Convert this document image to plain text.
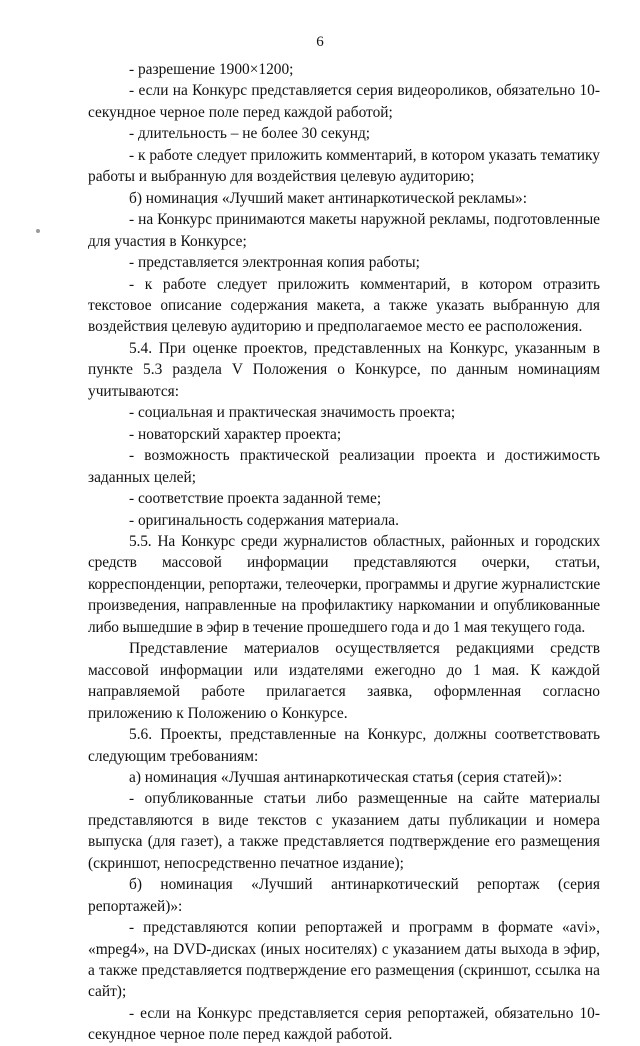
6

- разрешение 1900×1200;

- если на Конкурс представляется серия видеороликов, обязательно 10-секундное черное поле перед каждой работой;

- длительность – не более 30 секунд;

- к работе следует приложить комментарий, в котором указать тематику работы и выбранную для воздействия целевую аудиторию;

б) номинация «Лучший макет антинаркотической рекламы»:

- на Конкурс принимаются макеты наружной рекламы, подготовленные для участия в Конкурсе;

- представляется электронная копия работы;

- к работе следует приложить комментарий, в котором отразить текстовое описание содержания макета, а также указать выбранную для воздействия целевую аудиторию и предполагаемое место ее расположения.

5.4. При оценке проектов, представленных на Конкурс, указанным в пункте 5.3 раздела V Положения о Конкурсе, по данным номинациям учитываются:

- социальная и практическая значимость проекта;

- новаторский характер проекта;

- возможность практической реализации проекта и достижимость заданных целей;

- соответствие проекта заданной теме;

- оригинальность содержания материала.

5.5. На Конкурс среди журналистов областных, районных и городских средств массовой информации представляются очерки, статьи, корреспонденции, репортажи, телеочерки, программы и другие журналистские произведения, направленные на профилактику наркомании и опубликованные либо вышедшие в эфир в течение прошедшего года и до 1 мая текущего года.

Представление материалов осуществляется редакциями средств массовой информации или издателями ежегодно до 1 мая. К каждой направляемой работе прилагается заявка, оформленная согласно приложению к Положению о Конкурсе.

5.6. Проекты, представленные на Конкурс, должны соответствовать следующим требованиям:

а) номинация «Лучшая антинаркотическая статья (серия статей)»:

- опубликованные статьи либо размещенные на сайте материалы представляются в виде текстов с указанием даты публикации и номера выпуска (для газет), а также представляется подтверждение его размещения (скриншот, непосредственно печатное издание);

б) номинация «Лучший антинаркотический репортаж (серия репортажей)»:

- представляются копии репортажей и программ в формате «avi», «mpeg4», на DVD-дисках (иных носителях) с указанием даты выхода в эфир, а также представляется подтверждение его размещения (скриншот, ссылка на сайт);

- если на Конкурс представляется серия репортажей, обязательно 10-секундное черное поле перед каждой работой.
